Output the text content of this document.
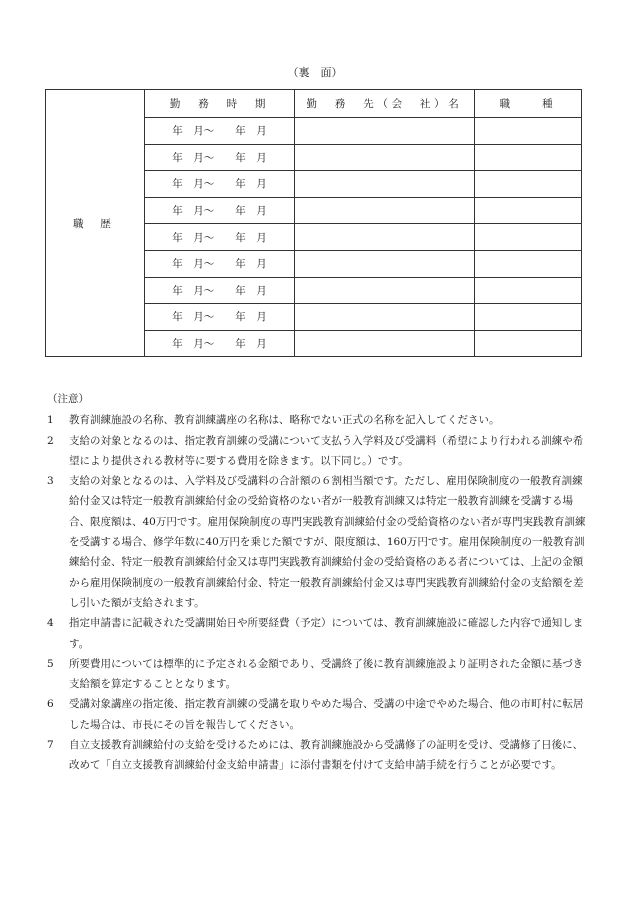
（裏　面）
職歴	勤　務　時　期	勤　務　先（会　社）名	職　　種
	年　月～　　年　月		
	年　月～　　年　月		
	年　月～　　年　月		
	年　月～　　年　月		
	年　月～　　年　月		
	年　月～　　年　月		
	年　月～　　年　月		
	年　月～　　年　月		
	年　月～　　年　月		

（注意）

1 教育訓練施設の名称、教育訓練講座の名称は、略称でない正式の名称を記入してください。

2 支給の対象となるのは、指定教育訓練の受講について支払う入学料及び受講料（希望により行われる訓練や希望により提供される教材等に要する費用を除きます。以下同じ。）です。

3 支給の対象となるのは、入学料及び受講料の合計額の６割相当額です。ただし、雇用保険制度の一般教育訓練給付金又は特定一般教育訓練給付金の受給資格のない者が一般教育訓練又は特定一般教育訓練を受講する場合、限度額は、40万円です。雇用保険制度の専門実践教育訓練給付金の受給資格のない者が専門実践教育訓練を受講する場合、修学年数に40万円を乗じた額ですが、限度額は、160万円です。雇用保険制度の一般教育訓練給付金、特定一般教育訓練給付金又は専門実践教育訓練給付金の受給資格のある者については、上記の金額から雇用保険制度の一般教育訓練給付金、特定一般教育訓練給付金又は専門実践教育訓練給付金の支給額を差し引いた額が支給されます。

4 指定申請書に記載された受講開始日や所要経費（予定）については、教育訓練施設に確認した内容で通知します。

5 所要費用については標準的に予定される金額であり、受講終了後に教育訓練施設より証明された金額に基づき支給額を算定することとなります。

6 受講対象講座の指定後、指定教育訓練の受講を取りやめた場合、受講の中途でやめた場合、他の市町村に転居した場合は、市長にその旨を報告してください。

7 自立支援教育訓練給付の支給を受けるためには、教育訓練施設から受講修了の証明を受け、受講修了日後に、改めて「自立支援教育訓練給付金支給申請書」に添付書類を付けて支給申請手続を行うことが必要です。
